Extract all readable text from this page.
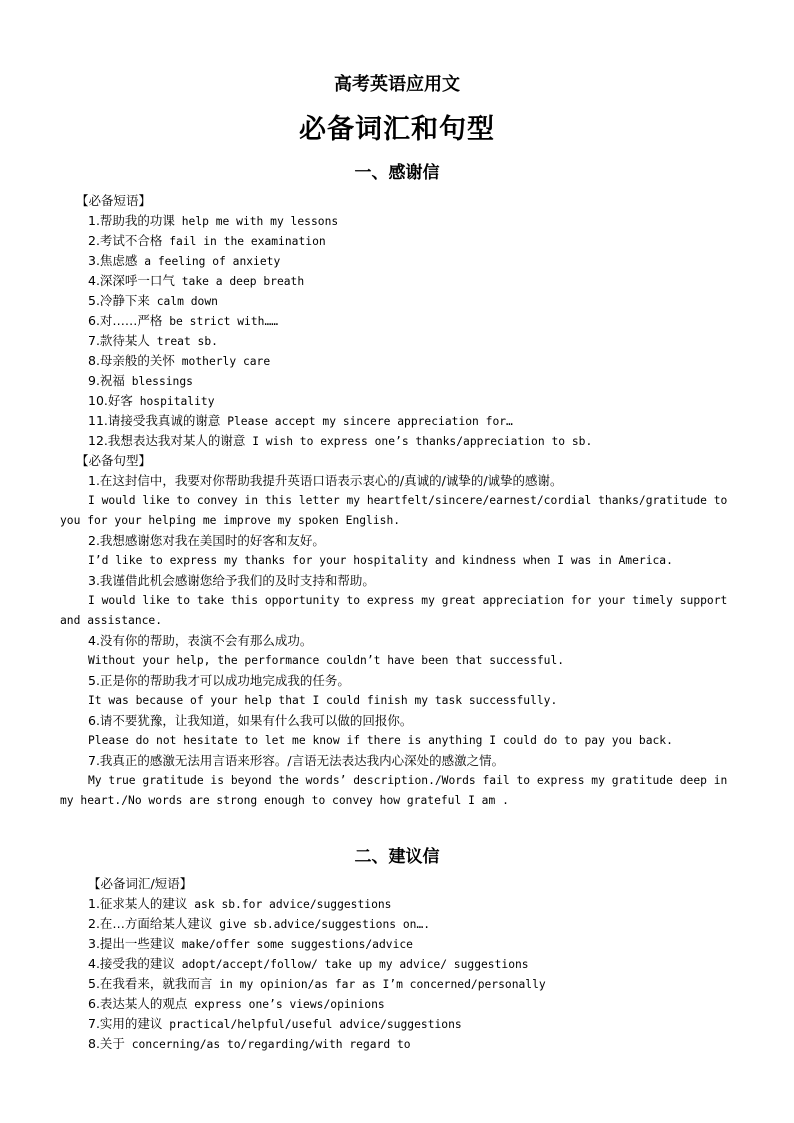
高考英语应用文
必备词汇和句型
一、感谢信
【必备短语】
1.帮助我的功课 help me with my lessons
2.考试不合格 fail in the examination
3.焦虑感 a feeling of anxiety
4.深深呼一口气 take a deep breath
5.冷静下来 calm down
6.对……严格 be strict with……
7.款待某人 treat sb.
8.母亲般的关怀 motherly care
9.祝福 blessings
10.好客 hospitality
11.请接受我真诚的谢意 Please accept my sincere appreciation for…
12.我想表达我对某人的谢意 I wish to express one’s thanks/appreciation to sb.
【必备句型】
1.在这封信中，我要对你帮助我提升英语口语表示衷心的/真诚的/诚挚的/诚挚的感谢。
I would like to convey in this letter my heartfelt/sincere/earnest/cordial thanks/gratitude to
you for your helping me improve my spoken English.
2.我想感谢您对我在美国时的好客和友好。
I’d like to express my thanks for your hospitality and kindness when I was in America.
3.我谨借此机会感谢您给予我们的及时支持和帮助。
I would like to take this opportunity to express my great appreciation for your timely support
and assistance.
4.没有你的帮助，表演不会有那么成功。
Without your help, the performance couldn’t have been that successful.
5.正是你的帮助我才可以成功地完成我的任务。
It was because of your help that I could finish my task successfully.
6.请不要犹豫，让我知道，如果有什么我可以做的回报你。
Please do not hesitate to let me know if there is anything I could do to pay you back.
7.我真正的感激无法用言语来形容。/言语无法表达我内心深处的感激之情。
My true gratitude is beyond the words’ description./Words fail to express my gratitude deep in
my heart./No words are strong enough to convey how grateful I am .
二、建议信
【必备词汇/短语】
1.征求某人的建议 ask sb.for advice/suggestions
2.在…方面给某人建议 give sb.advice/suggestions on….
3.提出一些建议 make/offer some suggestions/advice
4.接受我的建议 adopt/accept/follow/ take up my advice/ suggestions
5.在我看来，就我而言 in my opinion/as far as I’m concerned/personally
6.表达某人的观点 express one’s views/opinions
7.实用的建议 practical/helpful/useful advice/suggestions
8.关于 concerning/as to/regarding/with regard to
